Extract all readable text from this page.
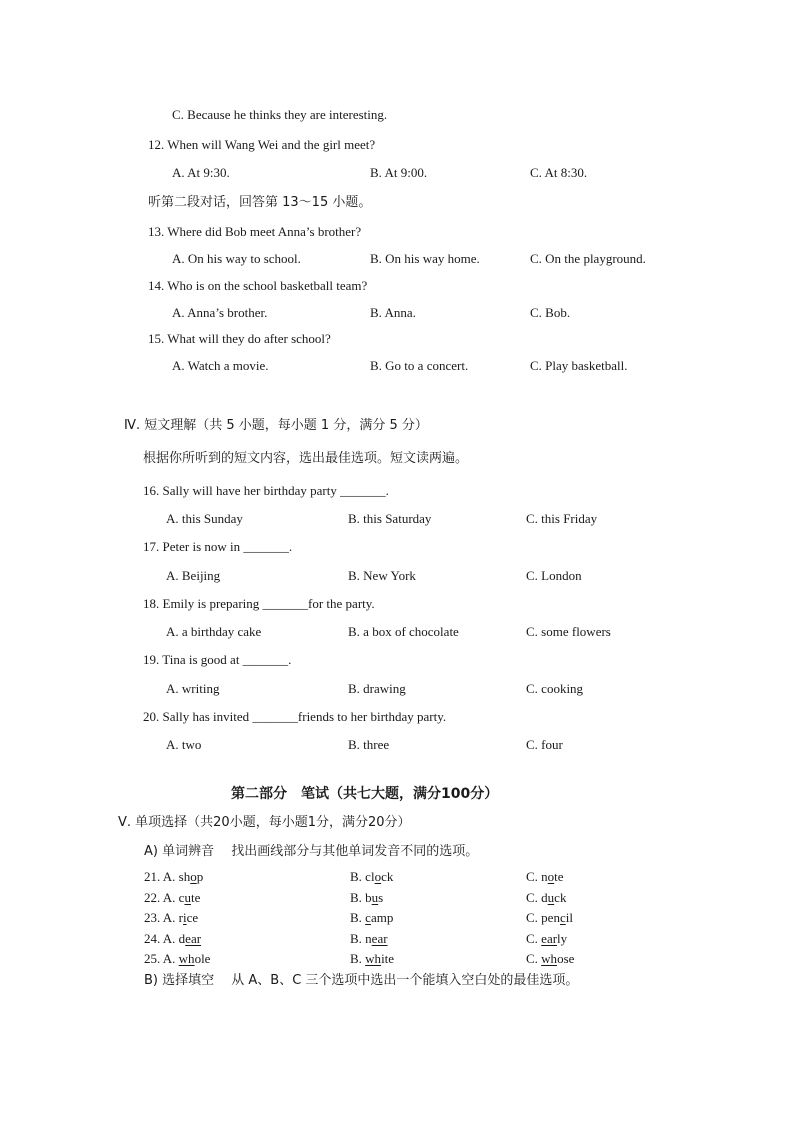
C. Because he thinks they are interesting.
12. When will Wang Wei and the girl meet?
A. At 9:30.	B. At 9:00.	C. At 8:30.
听第二段对话，回答第 13～15 小题。
13. Where did Bob meet Anna’s brother?
A. On his way to school.	B. On his way home.	C. On the playground.
14. Who is on the school basketball team?
A. Anna’s brother.	B. Anna.	C. Bob.
15. What will they do after school?
A. Watch a movie.	B. Go to a concert.	C. Play basketball.
Ⅳ. 短文理解（共 5 小题，每小题 1 分，满分 5 分）
根据你所听到的短文内容，选出最佳选项。短文读两遍。
16. Sally will have her birthday party _______.
A. this Sunday	B. this Saturday	C. this Friday
17. Peter is now in _______.
A. Beijing	B. New York	C. London
18. Emily is preparing _______for the party.
A. a birthday cake	B. a box of chocolate	C. some flowers
19. Tina is good at _______.
A. writing	B. drawing	C. cooking
20. Sally has invited _______friends to her birthday party.
A. two	B. three	C. four
第二部分　笔试（共七大题，满分100分）
Ⅴ. 单项选择（共20小题，每小题1分，满分20分）
A) 单词辨音　 找出画线部分与其他单词发音不同的选项。
21. A. shop	B. clock	C. note
22. A. cute	B. bus	C. duck
23. A. rice	B. camp	C. pencil
24. A. dear	B. near	C. early
25. A. whole	B. white	C. whose
B) 选择填空　 从 A、B、C 三个选项中选出一个能填入空白处的最佳选项。
